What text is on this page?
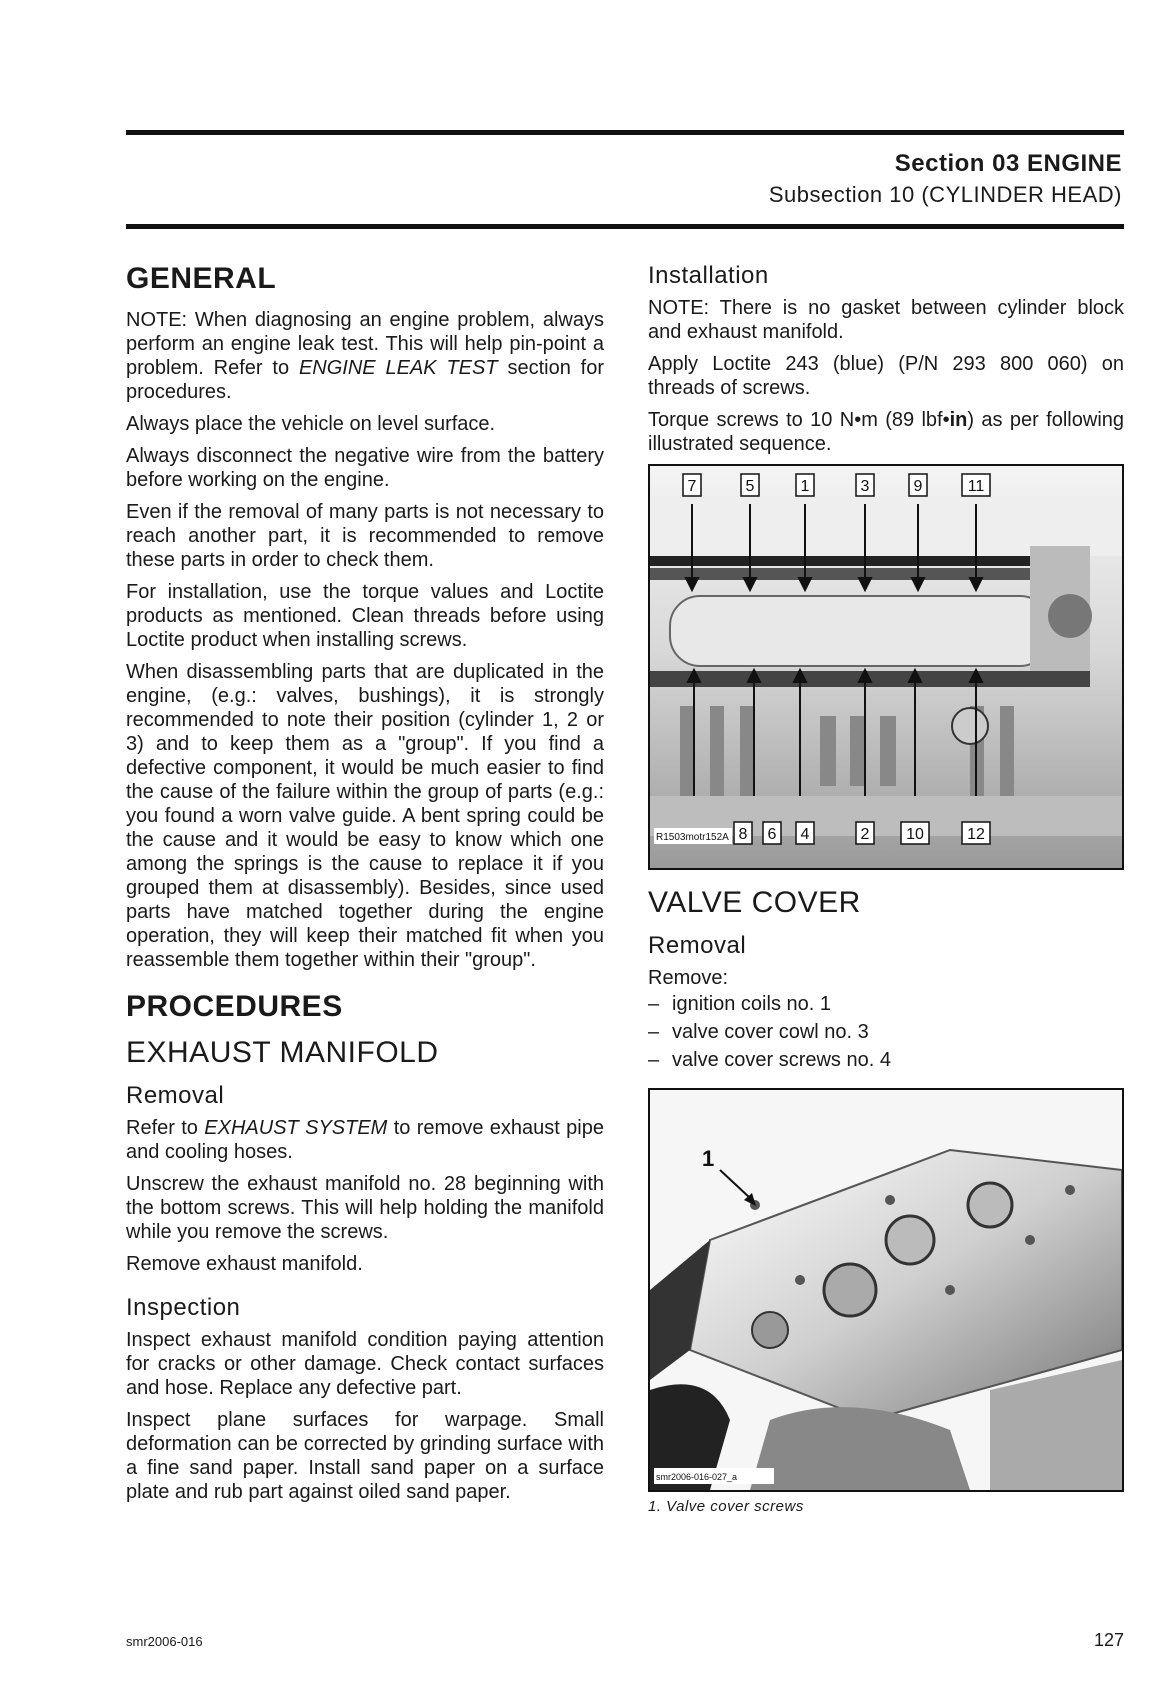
Section 03 ENGINE
Subsection 10 (CYLINDER HEAD)
GENERAL

NOTE: When diagnosing an engine problem, always perform an engine leak test. This will help pin-point a problem. Refer to ENGINE LEAK TEST section for procedures.

Always place the vehicle on level surface.

Always disconnect the negative wire from the battery before working on the engine.

Even if the removal of many parts is not necessary to reach another part, it is recommended to remove these parts in order to check them.

For installation, use the torque values and Loctite products as mentioned. Clean threads before using Loctite product when installing screws.

When disassembling parts that are duplicated in the engine, (e.g.: valves, bushings), it is strongly recommended to note their position (cylinder 1, 2 or 3) and to keep them as a "group". If you find a defective component, it would be much easier to find the cause of the failure within the group of parts (e.g.: you found a worn valve guide. A bent spring could be the cause and it would be easy to know which one among the springs is the cause to replace it if you grouped them at disassembly). Besides, since used parts have matched together during the engine operation, they will keep their matched fit when you reassemble them together within their "group".

PROCEDURES
EXHAUST MANIFOLD
Removal

Refer to EXHAUST SYSTEM to remove exhaust pipe and cooling hoses.

Unscrew the exhaust manifold no. 28 beginning with the bottom screws. This will help holding the manifold while you remove the screws.

Remove exhaust manifold.

Inspection

Inspect exhaust manifold condition paying attention for cracks or other damage. Check contact surfaces and hose. Replace any defective part.

Inspect plane surfaces for warpage. Small deformation can be corrected by grinding surface with a fine sand paper. Install sand paper on a surface plate and rub part against oiled sand paper.

Installation

NOTE: There is no gasket between cylinder block and exhaust manifold.

Apply Loctite 243 (blue) (P/N 293 800 060) on threads of screws.

Torque screws to 10 N•m (89 lbf•in) as per following illustrated sequence.

7	5	1	3	9	11
8 6 4	2 10	12
R1503motr152A
VALVE COVER
Removal

Remove:

– ignition coils no. 1
– valve cover cowl no. 3
– valve cover screws no. 4
1
smr2006-016-027_a
1. Valve cover screws
smr2006-016	127
